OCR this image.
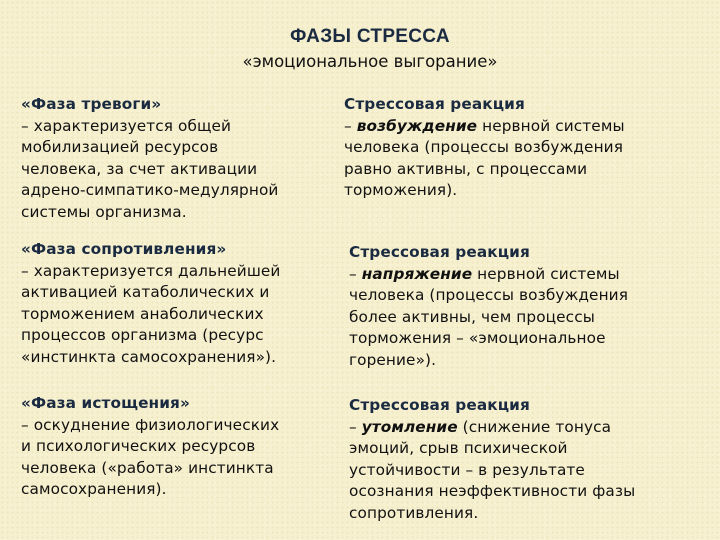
ФАЗЫ СТРЕССА
«эмоциональное выгорание»

«Фаза тревоги»

– характеризуется общей

мобилизацией ресурсов

человека, за счет активации

адрено-симпатико-медулярной

системы организма.

Стрессовая реакция

– возбуждение нервной системы

человека (процессы возбуждения

равно активны, с процессами

торможения).

«Фаза сопротивления»

– характеризуется дальнейшей

активацией катаболических и

торможением анаболических

процессов организма (ресурс

«инстинкта самосохранения»).

Стрессовая реакция

– напряжение нервной системы

человека (процессы возбуждения

более активны, чем процессы

торможения – «эмоциональное

горение»).

«Фаза истощения»

– оскуднение физиологических

и психологических ресурсов

человека («работа» инстинкта

самосохранения).

Стрессовая реакция

– утомление (снижение тонуса

эмоций, срыв психической

устойчивости – в результате

осознания неэффективности фазы

сопротивления.
